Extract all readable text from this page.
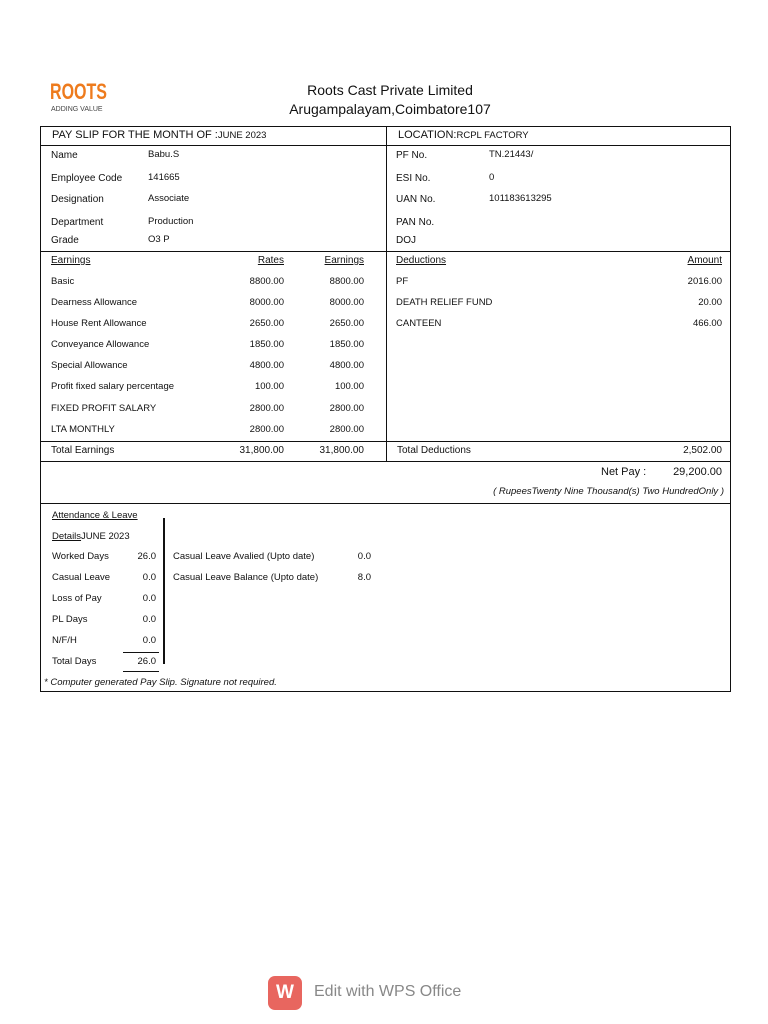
ROOTS
ADDING VALUE
Roots Cast Private Limited
Arugampalayam,Coimbatore107
PAY SLIP FOR THE MONTH OF :JUNE 2023	LOCATION:RCPL FACTORY
Name	Babu.S
Employee Code	141665
Designation	Associate
Department	Production
Grade	O3 P
PF No.	TN.21443/
ESI No.	0
UAN No.	101183613295
PAN No.
DOJ
Earnings	Rates	Earnings
Basic	8800.00	8800.00
Dearness Allowance	8000.00	8000.00
House Rent Allowance	2650.00	2650.00
Conveyance Allowance	1850.00	1850.00
Special Allowance	4800.00	4800.00
Profit fixed salary percentage	100.00	100.00
FIXED PROFIT SALARY	2800.00	2800.00
LTA MONTHLY	2800.00	2800.00
Deductions	Amount
PF	2016.00
DEATH RELIEF FUND	20.00
CANTEEN	466.00
Total Earnings	31,800.00	31,800.00	Total Deductions	2,502.00
Net Pay :	29,200.00
( RupeesTwenty Nine Thousand(s) Two HundredOnly )
Attendance & Leave
DetailsJUNE 2023
Worked Days	26.0
Casual Leave	0.0
Loss of Pay	0.0
PL Days	0.0
N/F/H	0.0
Total Days	26.0
Casual Leave Avalied (Upto date)	0.0
Casual Leave Balance (Upto date)	8.0
* Computer generated Pay Slip. Signature not required.
W	Edit with WPS Office
